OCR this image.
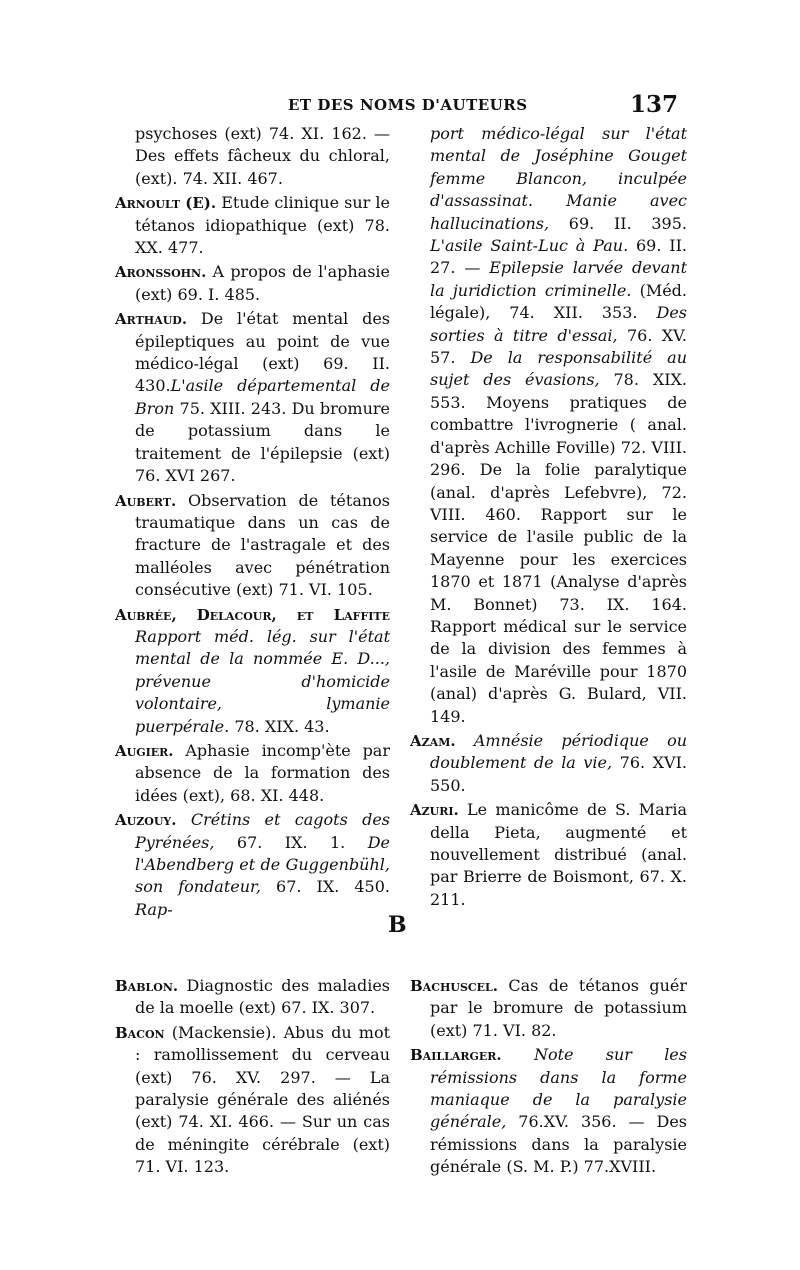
ET DES NOMS D'AUTEURS	137

psychoses (ext) 74. XI. 162. — Des effets fâcheux du chloral, (ext). 74. XII. 467.

Arnoult (E). Etude clinique sur le tétanos idiopathique (ext) 78. XX. 477.

Aronssohn. A propos de l'aphasie (ext) 69. I. 485.

Arthaud. De l'état mental des épileptiques au point de vue médico-légal (ext) 69. II. 430.L'asile départemental de Bron 75. XIII. 243. Du bromure de potassium dans le traitement de l'épilepsie (ext) 76. XVI 267.

Aubert. Observation de tétanos traumatique dans un cas de fracture de l'astragale et des malléoles avec pénétration consécutive (ext) 71. VI. 105.

Aubrée, Delacour, et Laffite Rapport méd. lég. sur l'état mental de la nommée E. D..., prévenue d'homicide volontaire, lymanie puerpérale. 78. XIX. 43.

Augier. Aphasie incomp'ète par absence de la formation des idées (ext), 68. XI. 448.

Auzouy. Crétins et cagots des Pyrénées, 67. IX. 1. De l'Abendberg et de Guggenbühl, son fondateur, 67. IX. 450. Rap-

port médico-légal sur l'état mental de Joséphine Gouget femme Blancon, inculpée d'assassinat. Manie avec hallucinations, 69. II. 395. L'asile Saint-Luc à Pau. 69. II. 27. — Epilepsie larvée devant la juridiction criminelle. (Méd. légale), 74. XII. 353. Des sorties à titre d'essai, 76. XV. 57. De la responsabilité au sujet des évasions, 78. XIX. 553. Moyens pratiques de combattre l'ivrognerie ( anal. d'après Achille Foville) 72. VIII. 296. De la folie paralytique (anal. d'après Lefebvre), 72. VIII. 460. Rapport sur le service de l'asile public de la Mayenne pour les exercices 1870 et 1871 (Analyse d'après M. Bonnet) 73. IX. 164. Rapport médical sur le service de la division des femmes à l'asile de Maréville pour 1870 (anal) d'après G. Bulard, VII. 149.

Azam. Amnésie périodique ou doublement de la vie, 76. XVI. 550.

Azuri. Le manicôme de S. Maria della Pieta, augmenté et nouvellement distribué (anal. par Brierre de Boismont, 67. X. 211.

B

Bablon. Diagnostic des maladies de la moelle (ext) 67. IX. 307.

Bacon (Mackensie). Abus du mot : ramollissement du cerveau (ext) 76. XV. 297. — La paralysie générale des aliénés (ext) 74. XI. 466. — Sur un cas de méningite cérébrale (ext) 71. VI. 123.

Bachuscel. Cas de tétanos guér par le bromure de potassium (ext) 71. VI. 82.

Baillarger. Note sur les rémissions dans la forme maniaque de la paralysie générale, 76.XV. 356. — Des rémissions dans la paralysie générale (S. M. P.) 77.XVIII.
